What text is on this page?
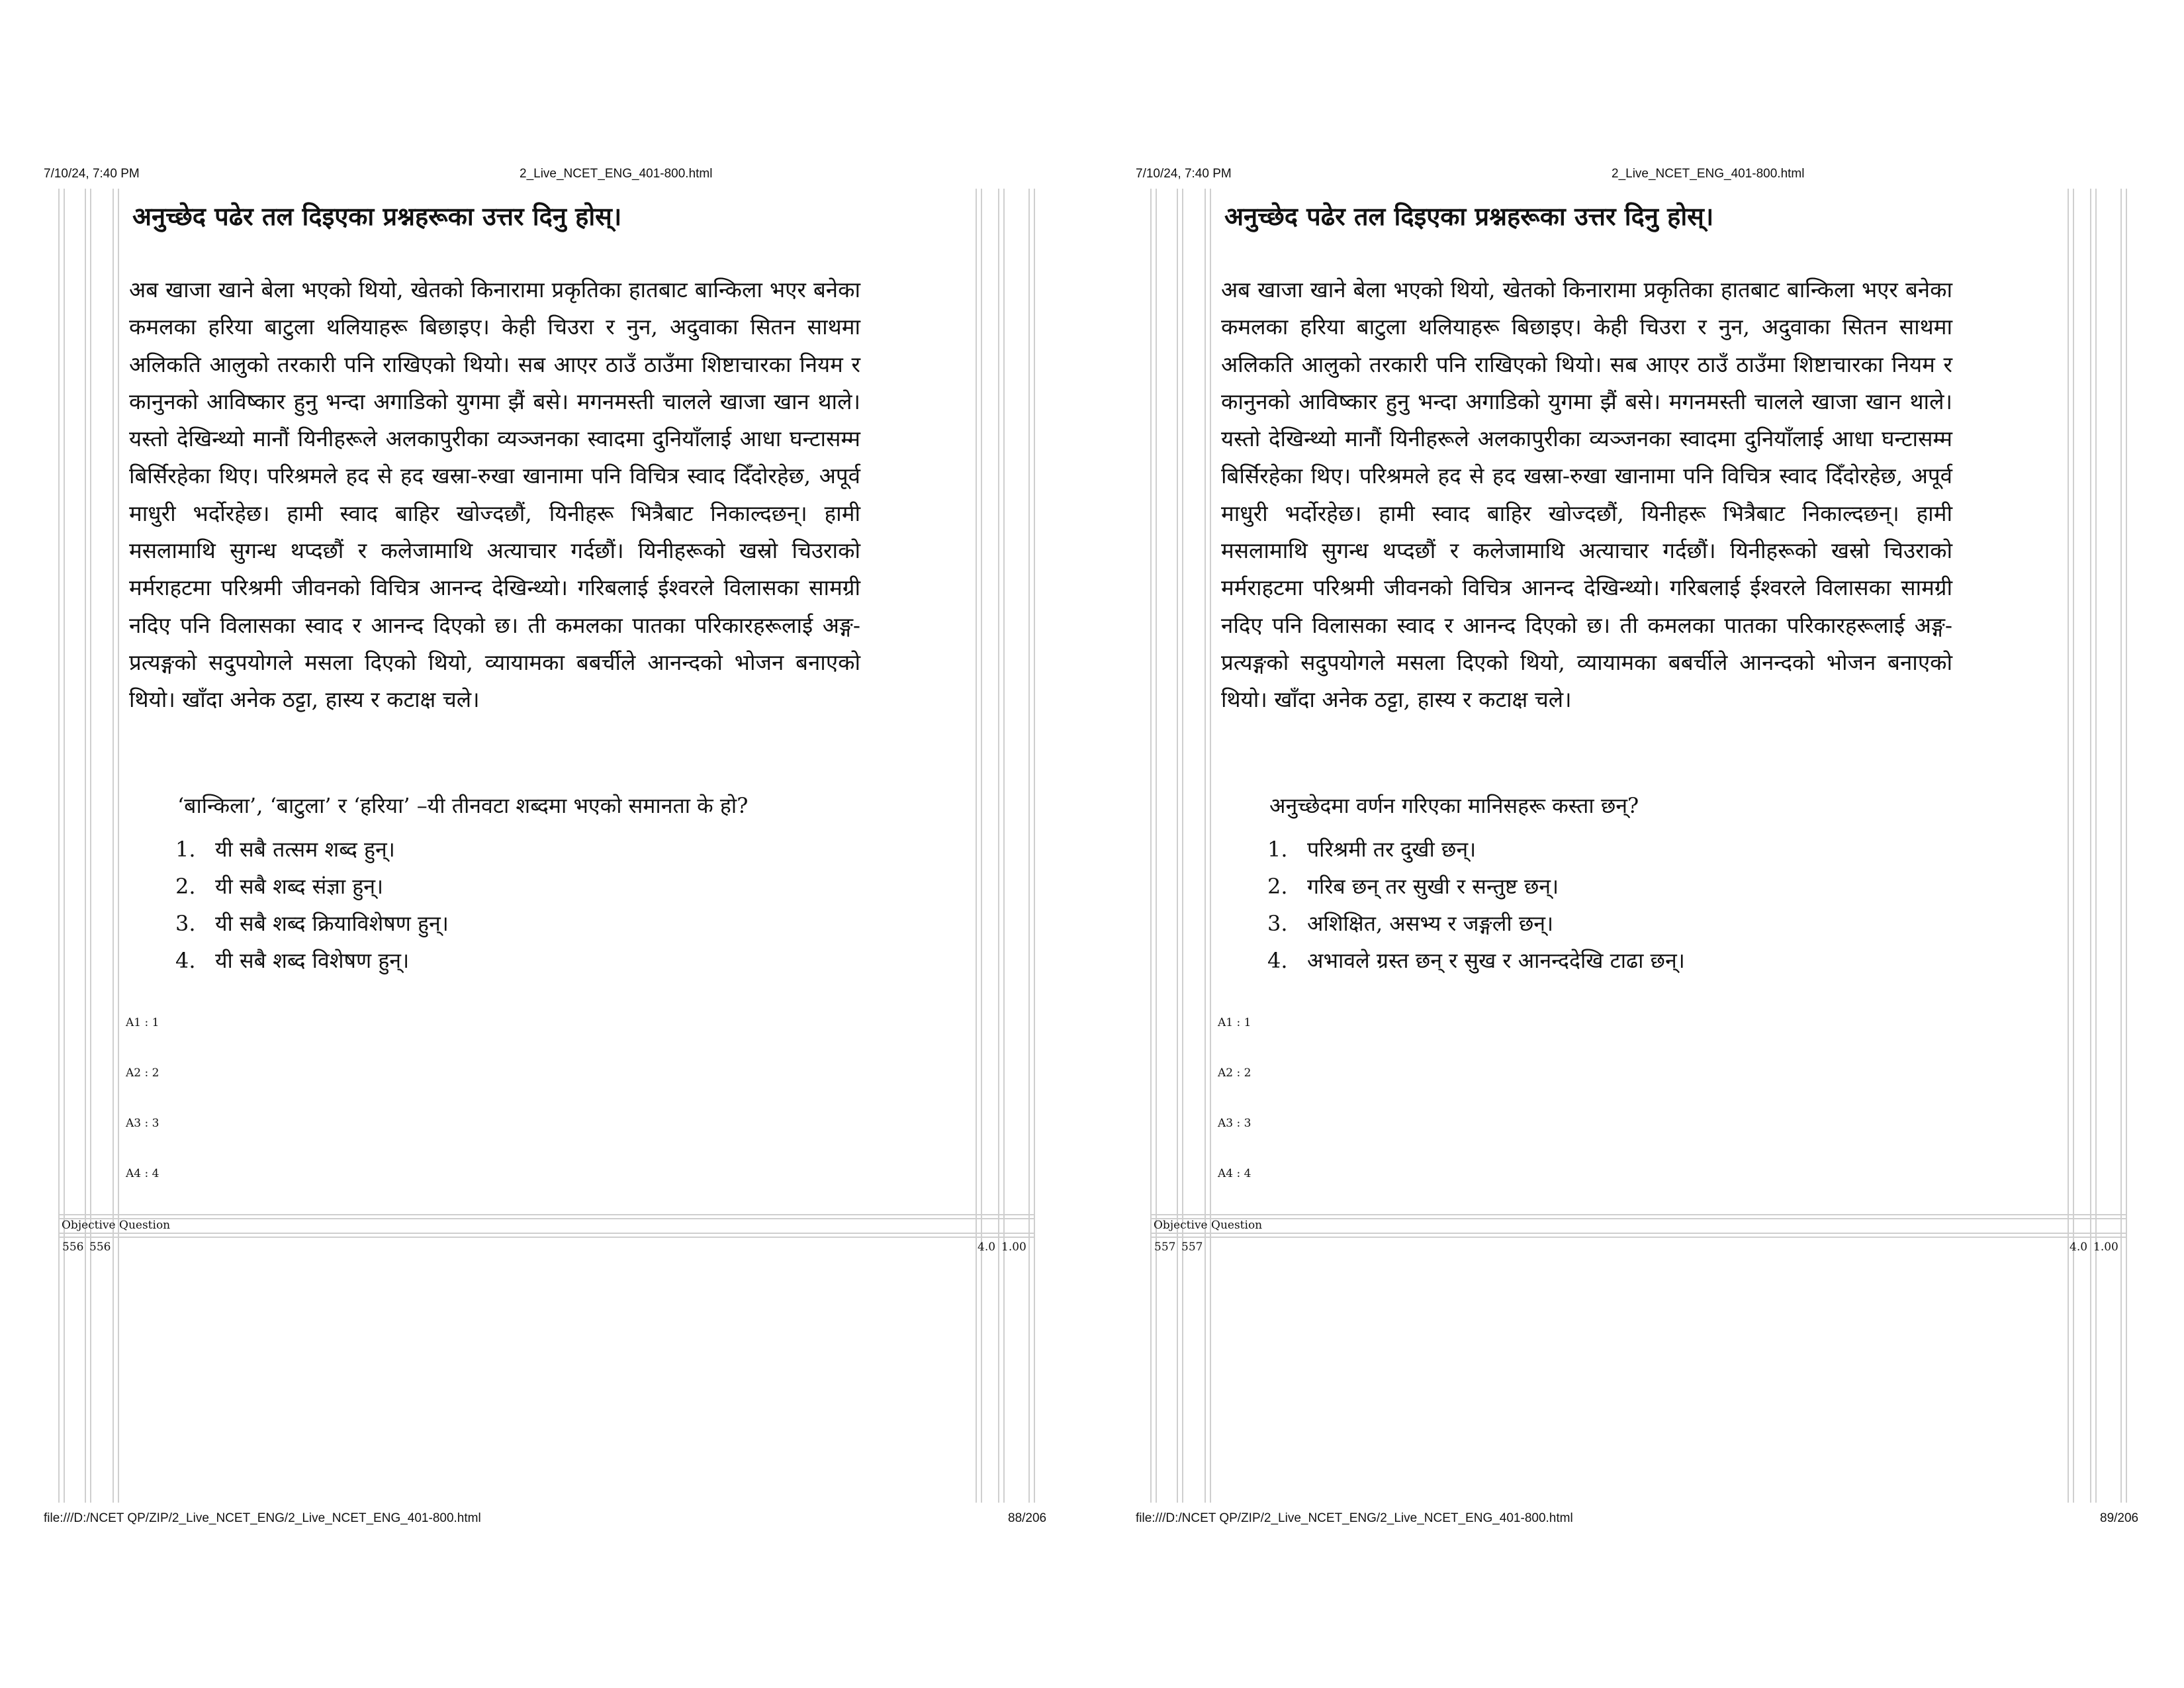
7/10/24, 7:40 PM	2_Live_NCET_ENG_401-800.html
अनुच्छेद पढेर तल दिइएका प्रश्नहरूका उत्तर दिनु होस्।
अब खाजा खाने बेला भएको थियो, खेतको किनारामा प्रकृतिका हातबाट बान्किला भएर बनेका कमलका हरिया बाटुला थलियाहरू बिछाइए। केही चिउरा र नुन, अदुवाका सितन साथमा अलिकति आलुको तरकारी पनि राखिएको थियो। सब आएर ठाउँ ठाउँमा शिष्टाचारका नियम र कानुनको आविष्कार हुनु भन्दा अगाडिको युगमा झैं बसे। मगनमस्ती चालले खाजा खान थाले। यस्तो देखिन्थ्यो मानौं यिनीहरूले अलकापुरीका व्यञ्जनका स्वादमा दुनियाँलाई आधा घन्टासम्म बिर्सिरहेका थिए। परिश्रमले हद से हद खस्रा-रुखा खानामा पनि विचित्र स्वाद दिँदोरहेछ, अपूर्व माधुरी भर्दोरहेछ। हामी स्वाद बाहिर खोज्दछौं, यिनीहरू भित्रैबाट निकाल्दछन्। हामी मसलामाथि सुगन्ध थप्दछौं र कलेजामाथि अत्याचार गर्दछौं। यिनीहरूको खस्रो चिउराको मर्मराहटमा परिश्रमी जीवनको विचित्र आनन्द देखिन्थ्यो। गरिबलाई ईश्वरले विलासका सामग्री नदिए पनि विलासका स्वाद र आनन्द दिएको छ। ती कमलका पातका परिकारहरूलाई अङ्ग-प्रत्यङ्गको सदुपयोगले मसला दिएको थियो, व्यायामका बबर्चीले आनन्दको भोजन बनाएको थियो। खाँदा अनेक ठट्टा, हास्य र कटाक्ष चले।
‘बान्किला’, ‘बाटुला’ र ‘हरिया’ –यी तीनवटा शब्दमा भएको समानता के हो?
1. यी सबै तत्सम शब्द हुन्।
2. यी सबै शब्द संज्ञा हुन्।
3. यी सबै शब्द क्रियाविशेषण हुन्।
4. यी सबै शब्द विशेषण हुन्।
A1 : 1
A2 : 2
A3 : 3
A4 : 4
Objective Question
556 556	4.0 1.00
file:///D:/NCET QP/ZIP/2_Live_NCET_ENG/2_Live_NCET_ENG_401-800.html	88/206
7/10/24, 7:40 PM	2_Live_NCET_ENG_401-800.html
अनुच्छेद पढेर तल दिइएका प्रश्नहरूका उत्तर दिनु होस्।
अब खाजा खाने बेला भएको थियो, खेतको किनारामा प्रकृतिका हातबाट बान्किला भएर बनेका कमलका हरिया बाटुला थलियाहरू बिछाइए। केही चिउरा र नुन, अदुवाका सितन साथमा अलिकति आलुको तरकारी पनि राखिएको थियो। सब आएर ठाउँ ठाउँमा शिष्टाचारका नियम र कानुनको आविष्कार हुनु भन्दा अगाडिको युगमा झैं बसे। मगनमस्ती चालले खाजा खान थाले। यस्तो देखिन्थ्यो मानौं यिनीहरूले अलकापुरीका व्यञ्जनका स्वादमा दुनियाँलाई आधा घन्टासम्म बिर्सिरहेका थिए। परिश्रमले हद से हद खस्रा-रुखा खानामा पनि विचित्र स्वाद दिँदोरहेछ, अपूर्व माधुरी भर्दोरहेछ। हामी स्वाद बाहिर खोज्दछौं, यिनीहरू भित्रैबाट निकाल्दछन्। हामी मसलामाथि सुगन्ध थप्दछौं र कलेजामाथि अत्याचार गर्दछौं। यिनीहरूको खस्रो चिउराको मर्मराहटमा परिश्रमी जीवनको विचित्र आनन्द देखिन्थ्यो। गरिबलाई ईश्वरले विलासका सामग्री नदिए पनि विलासका स्वाद र आनन्द दिएको छ। ती कमलका पातका परिकारहरूलाई अङ्ग-प्रत्यङ्गको सदुपयोगले मसला दिएको थियो, व्यायामका बबर्चीले आनन्दको भोजन बनाएको थियो। खाँदा अनेक ठट्टा, हास्य र कटाक्ष चले।
अनुच्छेदमा वर्णन गरिएका मानिसहरू कस्ता छन्?
1. परिश्रमी तर दुखी छन्।
2. गरिब छन् तर सुखी र सन्तुष्ट छन्।
3. अशिक्षित, असभ्य र जङ्गली छन्।
4. अभावले ग्रस्त छन् र सुख र आनन्ददेखि टाढा छन्।
A1 : 1
A2 : 2
A3 : 3
A4 : 4
Objective Question
557 557	4.0 1.00
file:///D:/NCET QP/ZIP/2_Live_NCET_ENG/2_Live_NCET_ENG_401-800.html	89/206
